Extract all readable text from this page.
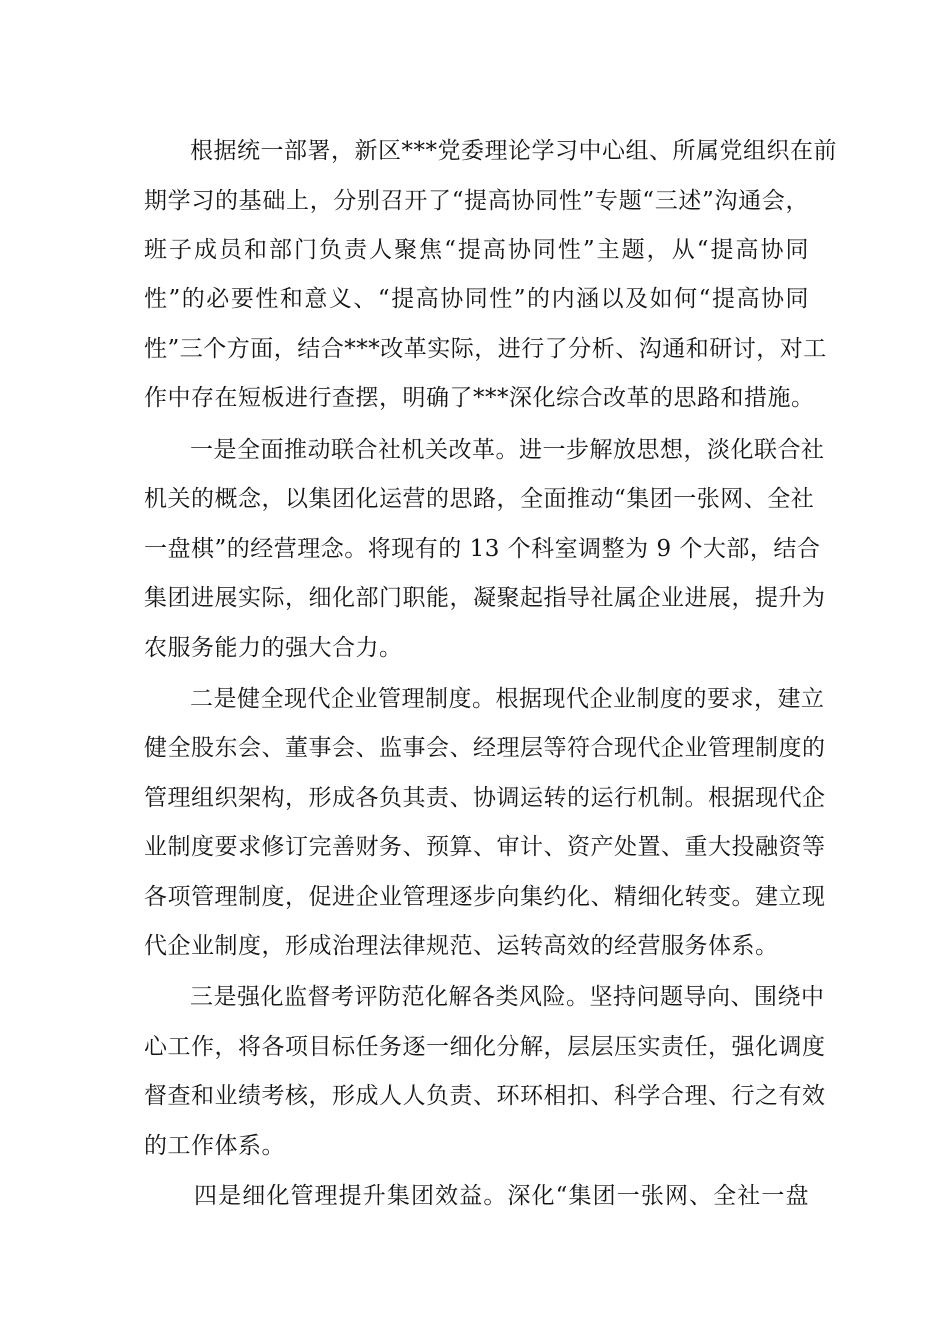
根据统一部署，新区***党委理论学习中心组、所属党组织在前
期学习的基础上，分别召开了“提高协同性”专题“三述”沟通会，
班子成员和部门负责人聚焦“提高协同性”主题，从“提高协同
性”的必要性和意义、“提高协同性”的内涵以及如何“提高协同
性”三个方面，结合***改革实际，进行了分析、沟通和研讨，对工
作中存在短板进行查摆，明确了***深化综合改革的思路和措施。
一是全面推动联合社机关改革。进一步解放思想，淡化联合社
机关的概念，以集团化运营的思路，全面推动“集团一张网、全社
一盘棋”的经营理念。将现有的 13 个科室调整为 9 个大部，结合
集团进展实际，细化部门职能，凝聚起指导社属企业进展，提升为
农服务能力的强大合力。
二是健全现代企业管理制度。根据现代企业制度的要求，建立
健全股东会、董事会、监事会、经理层等符合现代企业管理制度的
管理组织架构，形成各负其责、协调运转的运行机制。根据现代企
业制度要求修订完善财务、预算、审计、资产处置、重大投融资等
各项管理制度，促进企业管理逐步向集约化、精细化转变。建立现
代企业制度，形成治理法律规范、运转高效的经营服务体系。
三是强化监督考评防范化解各类风险。坚持问题导向、围绕中
心工作，将各项目标任务逐一细化分解，层层压实责任，强化调度
督查和业绩考核，形成人人负责、环环相扣、科学合理、行之有效
的工作体系。
四是细化管理提升集团效益。深化“集团一张网、全社一盘
